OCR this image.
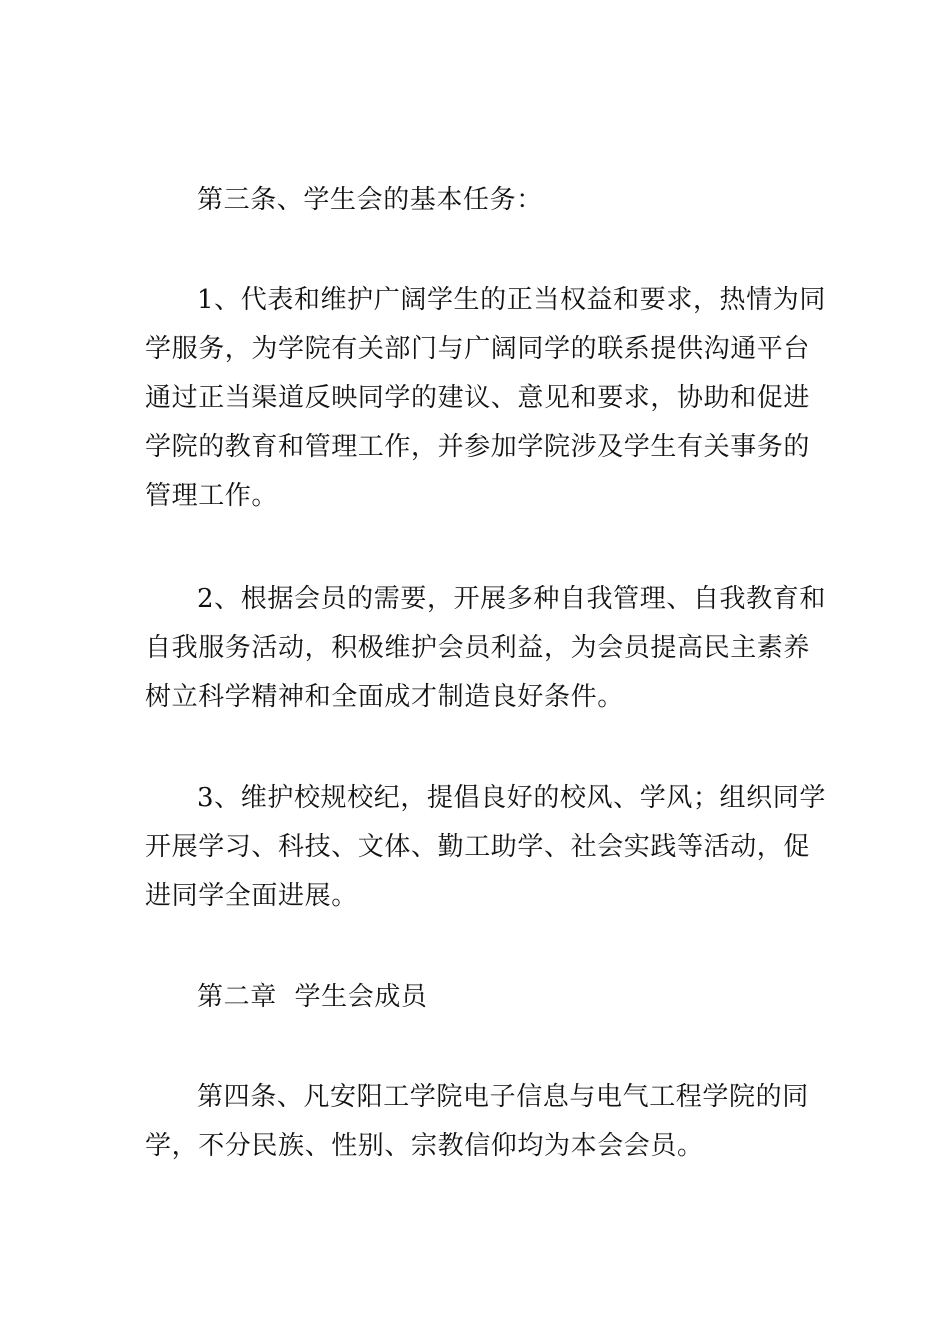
第三条、学生会的基本任务：

1、代表和维护广阔学生的正当权益和要求，热情为同
学服务，为学院有关部门与广阔同学的联系提供沟通平台
通过正当渠道反映同学的建议、意见和要求，协助和促进
学院的教育和管理工作，并参加学院涉及学生有关事务的
管理工作。

2、根据会员的需要，开展多种自我管理、自我教育和
自我服务活动，积极维护会员利益，为会员提高民主素养
树立科学精神和全面成才制造良好条件。

3、维护校规校纪，提倡良好的校风、学风；组织同学
开展学习、科技、文体、勤工助学、社会实践等活动，促
进同学全面进展。

第二章  学生会成员

第四条、凡安阳工学院电子信息与电气工程学院的同
学，不分民族、性别、宗教信仰均为本会会员。
